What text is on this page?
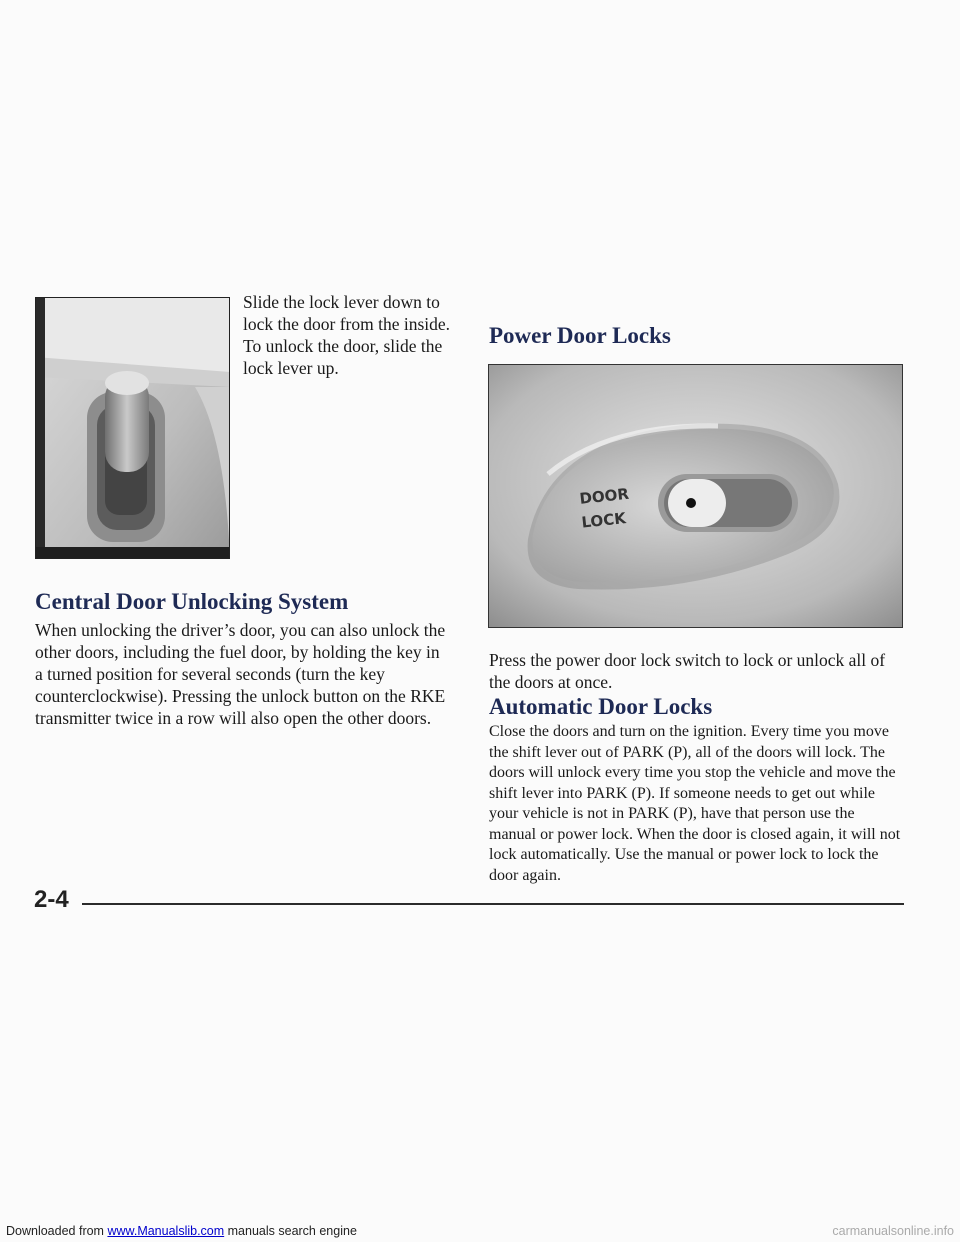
Slide the lock lever down to lock the door from the inside. To unlock the door, slide the lock lever up.

Central Door Unlocking System

When unlocking the driver’s door, you can also unlock the other doors, including the fuel door, by holding the key in a turned position for several seconds (turn the key counterclockwise). Pressing the unlock button on the RKE transmitter twice in a row will also open the other doors.

Power Door Locks
DOOR
LOCK

Press the power door lock switch to lock or unlock all of the doors at once.

Automatic Door Locks

Close the doors and turn on the ignition. Every time you move the shift lever out of PARK (P), all of the doors will lock. The doors will unlock every time you stop the vehicle and move the shift lever into PARK (P). If someone needs to get out while your vehicle is not in PARK (P), have that person use the manual or power lock. When the door is closed again, it will not lock automatically. Use the manual or power lock to lock the door again.

2-4
Downloaded from www.Manualslib.com manuals search engine	carmanualsonline.info
